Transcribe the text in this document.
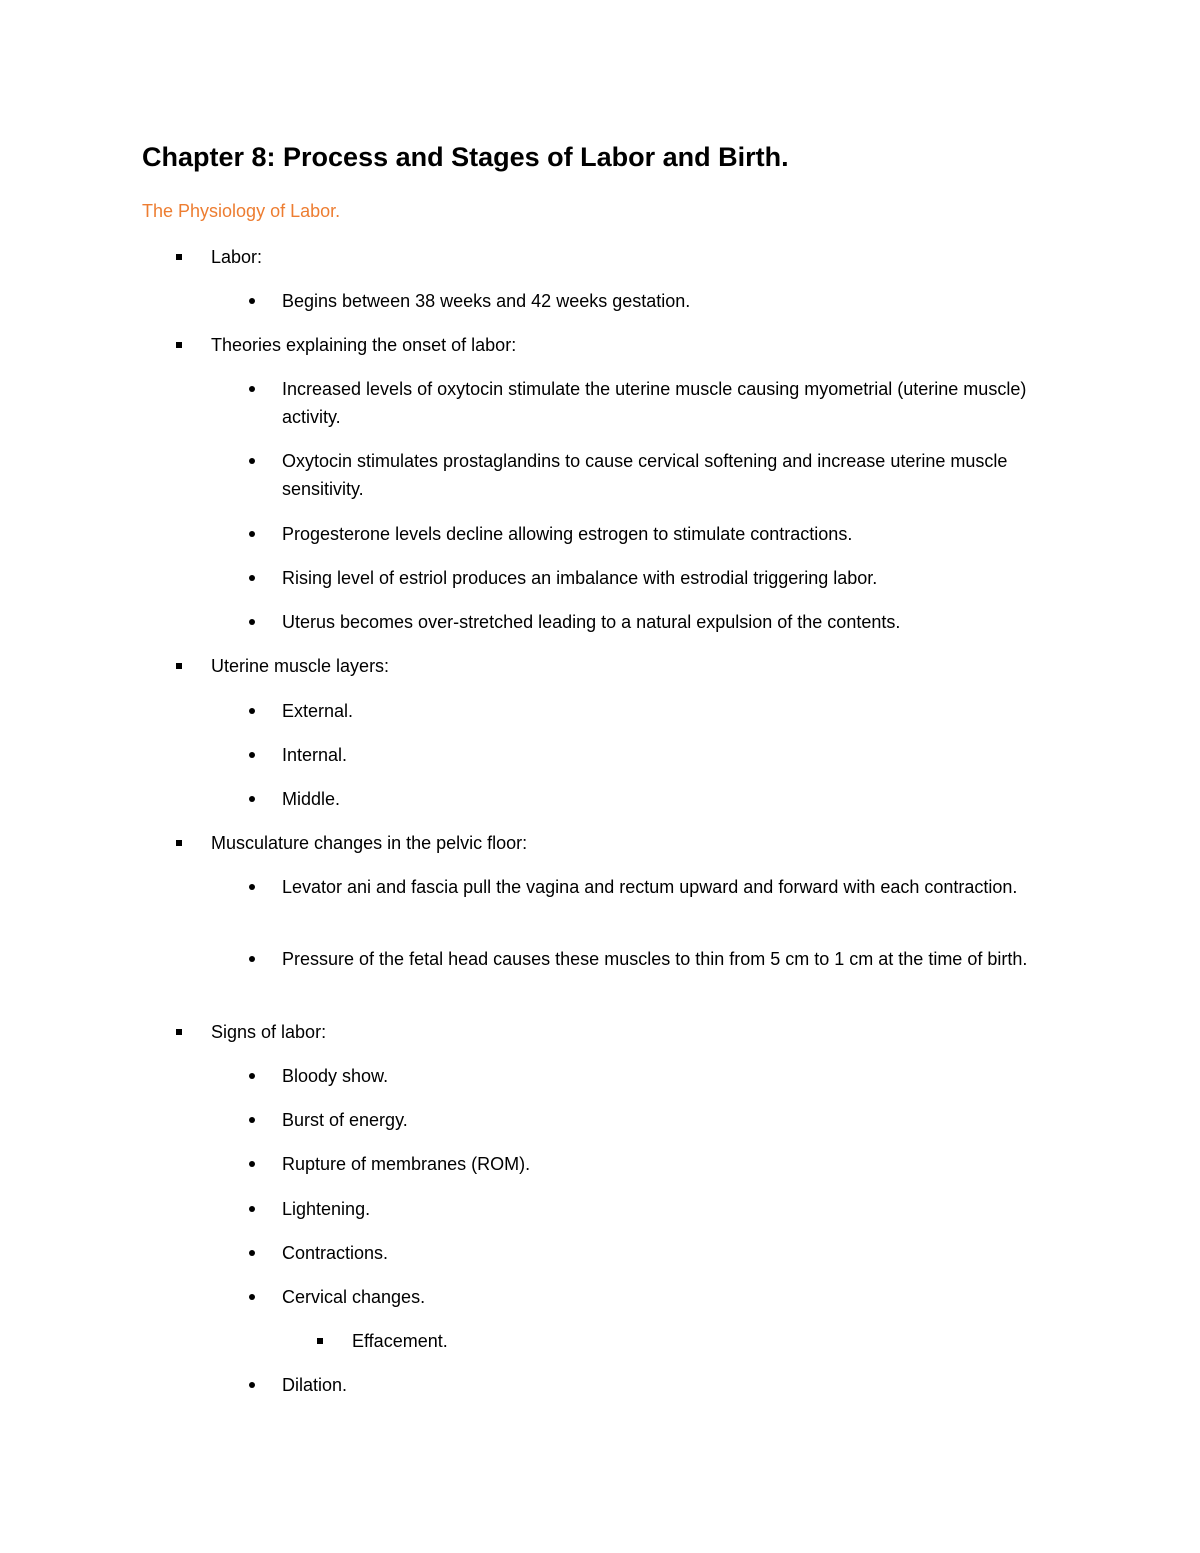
Chapter 8: Process and Stages of Labor and Birth.
The Physiology of Labor.
Labor:
Begins between 38 weeks and 42 weeks gestation.
Theories explaining the onset of labor:
Increased levels of oxytocin stimulate the uterine muscle causing myometrial (uterine muscle) activity.
Oxytocin stimulates prostaglandins to cause cervical softening and increase uterine muscle sensitivity.
Progesterone levels decline allowing estrogen to stimulate contractions.
Rising level of estriol produces an imbalance with estrodial triggering labor.
Uterus becomes over-stretched leading to a natural expulsion of the contents.
Uterine muscle layers:
External.
Internal.
Middle.
Musculature changes in the pelvic floor:
Levator ani and fascia pull the vagina and rectum upward and forward with each contraction.
Pressure of the fetal head causes these muscles to thin from 5 cm to 1 cm at the time of birth.
Signs of labor:
Bloody show.
Burst of energy.
Rupture of membranes (ROM).
Lightening.
Contractions.
Cervical changes.
Effacement.
Dilation.
